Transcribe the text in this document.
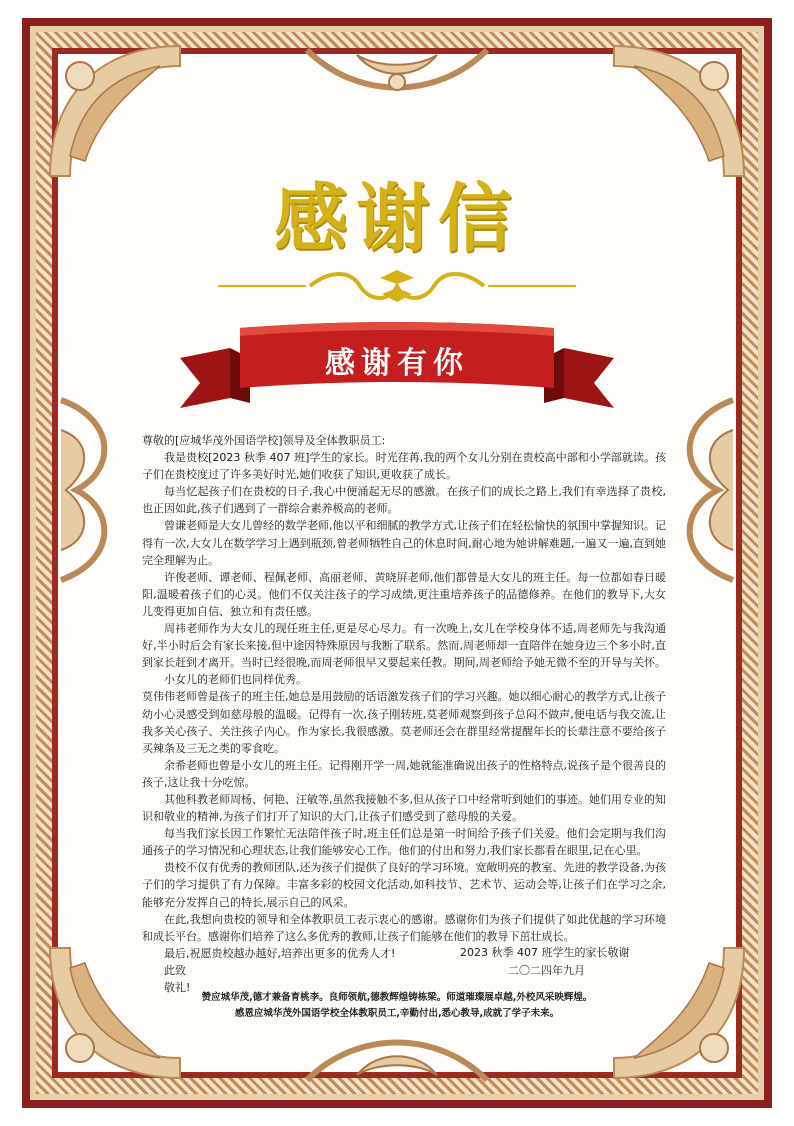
感谢信
感谢有你

尊敬的[应城华茂外国语学校]领导及全体教职员工:

我是贵校[2023 秋季 407 班]学生的家长。时光荏苒,我的两个女儿分别在贵校高中部和小学部就读。孩子们在贵校度过了许多美好时光,她们收获了知识,更收获了成长。

每当忆起孩子们在贵校的日子,我心中便涌起无尽的感激。在孩子们的成长之路上,我们有幸选择了贵校,也正因如此,孩子们遇到了一群综合素养极高的老师。

曾谦老师是大女儿曾经的数学老师,他以平和细腻的教学方式,让孩子们在轻松愉快的氛围中掌握知识。记得有一次,大女儿在数学学习上遇到瓶颈,曾老师牺牲自己的休息时间,耐心地为她讲解难题,一遍又一遍,直到她完全理解为止。

许俊老师、谭老师、程佩老师、高丽老师、黄晓屏老师,他们都曾是大女儿的班主任。每一位都如春日暖阳,温暖着孩子们的心灵。他们不仅关注孩子的学习成绩,更注重培养孩子的品德修养。在他们的教导下,大女儿变得更加自信、独立和有责任感。

周祎老师作为大女儿的现任班主任,更是尽心尽力。有一次晚上,女儿在学校身体不适,周老师先与我沟通好,半小时后会有家长来接,但中途因特殊原因与我断了联系。然而,周老师却一直陪伴在她身边三个多小时,直到家长赶到才离开。当时已经很晚,而周老师很早又要起来任教。期间,周老师给予她无微不至的开导与关怀。

小女儿的老师们也同样优秀。

莫伟伟老师曾是孩子的班主任,她总是用鼓励的话语激发孩子们的学习兴趣。她以细心耐心的教学方式,让孩子幼小心灵感受到如慈母般的温暖。记得有一次,孩子刚转班,莫老师观察到孩子总闷不做声,便电话与我交流,让我多关心孩子、关注孩子内心。作为家长,我很感激。莫老师还会在群里经常提醒年长的长辈注意不要给孩子买辣条及三无之类的零食吃。

余希老师也曾是小女儿的班主任。记得刚开学一周,她就能准确说出孩子的性格特点,说孩子是个很善良的孩子,这让我十分吃惊。

其他科教老师周杨、何艳、汪敏等,虽然我接触不多,但从孩子口中经常听到她们的事迹。她们用专业的知识和敬业的精神,为孩子们打开了知识的大门,让孩子们感受到了慈母般的关爱。

每当我们家长因工作繁忙无法陪伴孩子时,班主任们总是第一时间给予孩子们关爱。他们会定期与我们沟通孩子的学习情况和心理状态,让我们能够安心工作。他们的付出和努力,我们家长都看在眼里,记在心里。

贵校不仅有优秀的教师团队,还为孩子们提供了良好的学习环境。宽敞明亮的教室、先进的教学设备,为孩子们的学习提供了有力保障。丰富多彩的校园文化活动,如科技节、艺术节、运动会等,让孩子们在学习之余,能够充分发挥自己的特长,展示自己的风采。

在此,我想向贵校的领导和全体教职员工表示衷心的感谢。感谢你们为孩子们提供了如此优越的学习环境和成长平台。感谢你们培养了这么多优秀的教师,让孩子们能够在他们的教导下茁壮成长。

最后,祝愿贵校越办越好,培养出更多的优秀人才!

此致

敬礼!

2023 秋季 407 班学生的家长敬谢
二〇二四年九月
赞应城华茂,德才兼备育桃李。良师领航,德教辉煌铸栋梁。师道璀璨展卓越,外校风采映辉煌。
感恩应城华茂外国语学校全体教职员工,辛勤付出,悉心教导,成就了学子未来。
